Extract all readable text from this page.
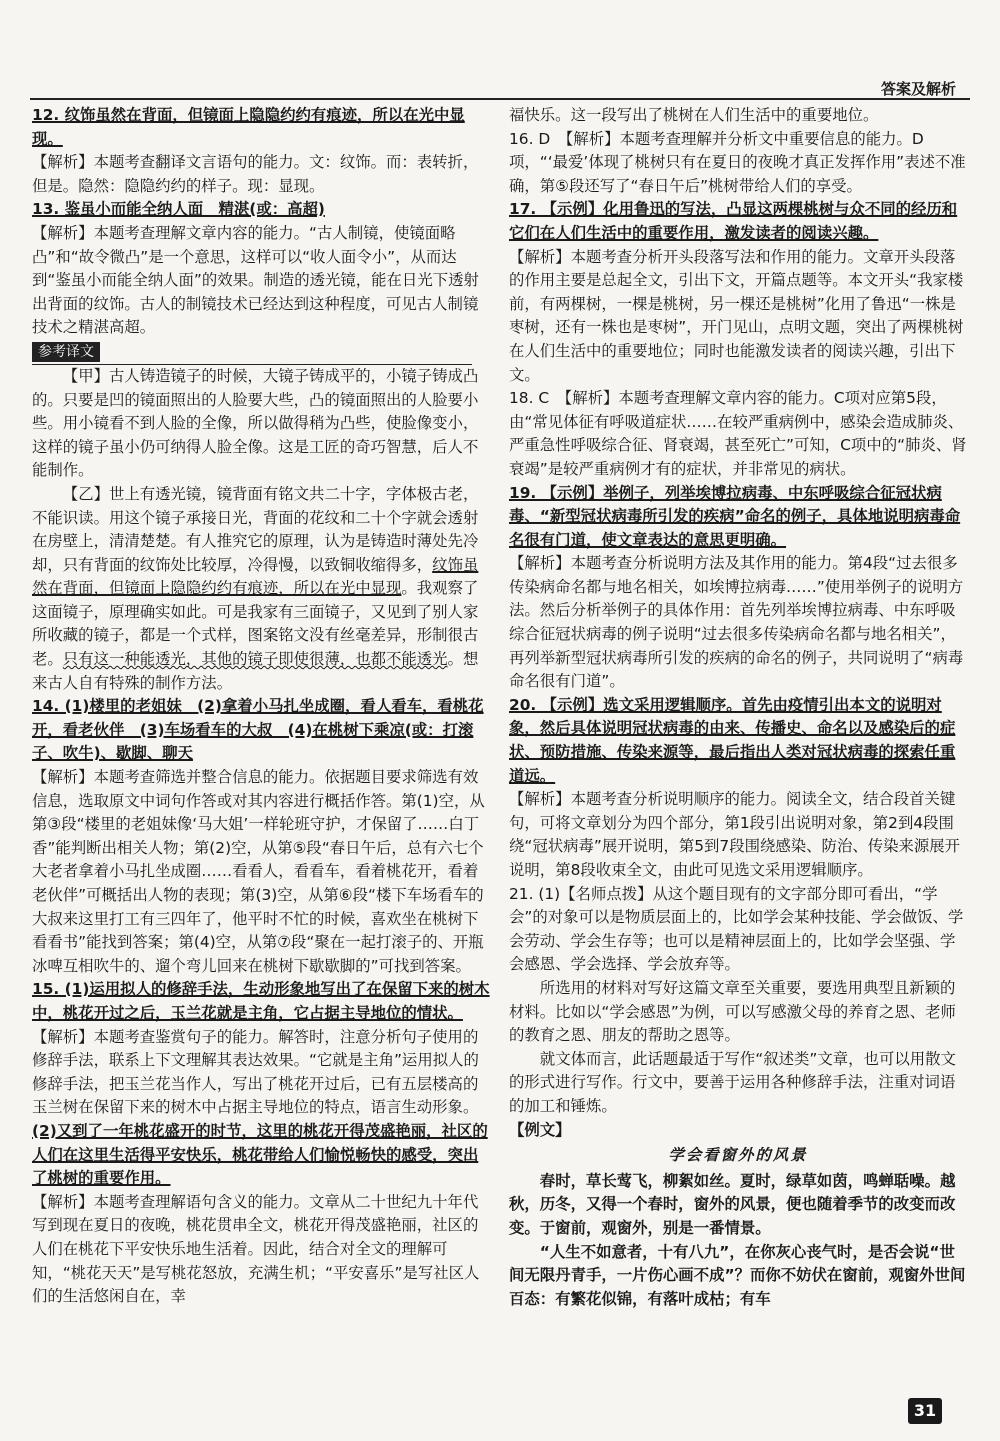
答案及解析

12. 纹饰虽然在背面，但镜面上隐隐约约有痕迹，所以在光中显现。

【解析】本题考查翻译文言语句的能力。文：纹饰。而：表转折，但是。隐然：隐隐约约的样子。现：显现。

13. 鉴虽小而能全纳人面　精湛(或：高超)

【解析】本题考查理解文章内容的能力。“古人制镜，使镜面略凸”和“故令微凸”是一个意思，这样可以“收人面令小”，从而达到“鉴虽小而能全纳人面”的效果。制造的透光镜，能在日光下透射出背面的纹饰。古人的制镜技术已经达到这种程度，可见古人制镜技术之精湛高超。

参考译文

【甲】古人铸造镜子的时候，大镜子铸成平的，小镜子铸成凸的。只要是凹的镜面照出的人脸要大些，凸的镜面照出的人脸要小些。用小镜看不到人脸的全像，所以做得稍为凸些，使脸像变小，这样的镜子虽小仍可纳得人脸全像。这是工匠的奇巧智慧，后人不能制作。

【乙】世上有透光镜，镜背面有铭文共二十字，字体极古老，不能识读。用这个镜子承接日光，背面的花纹和二十个字就会透射在房壁上，清清楚楚。有人推究它的原理，认为是铸造时薄处先冷却，只有背面的纹饰处比较厚，冷得慢，以致铜收缩得多，纹饰虽然在背面，但镜面上隐隐约约有痕迹，所以在光中显现。我观察了这面镜子，原理确实如此。可是我家有三面镜子，又见到了别人家所收藏的镜子，都是一个式样，图案铭文没有丝毫差异，形制很古老。只有这一种能透光，其他的镜子即使很薄，也都不能透光。想来古人自有特殊的制作方法。

14. (1)楼里的老姐妹　(2)拿着小马扎坐成圈，看人看车，看桃花开，看老伙伴　(3)车场看车的大叔　(4)在桃树下乘凉(或：打滚子、吹牛)、歇脚、聊天

【解析】本题考查筛选并整合信息的能力。依据题目要求筛选有效信息，选取原文中词句作答或对其内容进行概括作答。第(1)空，从第③段“楼里的老姐妹像‘马大姐’一样轮班守护，才保留了……白丁香”能判断出相关人物；第(2)空，从第⑤段“春日午后，总有六七个大老者拿着小马扎坐成圈……看看人，看看车，看着桃花开，看着老伙伴”可概括出人物的表现；第(3)空，从第⑥段“楼下车场看车的大叔来这里打工有三四年了，他平时不忙的时候，喜欢坐在桃树下看看书”能找到答案；第(4)空，从第⑦段“聚在一起打滚子的、开瓶冰啤互相吹牛的、遛个弯儿回来在桃树下歇歇脚的”可找到答案。

15. (1)运用拟人的修辞手法，生动形象地写出了在保留下来的树木中，桃花开过之后，玉兰花就是主角，它占据主导地位的情状。

【解析】本题考查鉴赏句子的能力。解答时，注意分析句子使用的修辞手法，联系上下文理解其表达效果。“它就是主角”运用拟人的修辞手法，把玉兰花当作人，写出了桃花开过后，已有五层楼高的玉兰树在保留下来的树木中占据主导地位的特点，语言生动形象。

(2)又到了一年桃花盛开的时节，这里的桃花开得茂盛艳丽，社区的人们在这里生活得平安快乐，桃花带给人们愉悦畅快的感受，突出了桃树的重要作用。

【解析】本题考查理解语句含义的能力。文章从二十世纪九十年代写到现在夏日的夜晚，桃花贯串全文，桃花开得茂盛艳丽，社区的人们在桃花下平安快乐地生活着。因此，结合对全文的理解可知，“桃花天天”是写桃花怒放，充满生机；“平安喜乐”是写社区人们的生活悠闲自在，幸

福快乐。这一段写出了桃树在人们生活中的重要地位。

16. D　【解析】本题考查理解并分析文中重要信息的能力。D项，“‘最爱’体现了桃树只有在夏日的夜晚才真正发挥作用”表述不准确，第⑤段还写了“春日午后”桃树带给人们的享受。

17. 【示例】化用鲁迅的写法，凸显这两棵桃树与众不同的经历和它们在人们生活中的重要作用，激发读者的阅读兴趣。

【解析】本题考查分析开头段落写法和作用的能力。文章开头段落的作用主要是总起全文，引出下文，开篇点题等。本文开头“我家楼前，有两棵树，一棵是桃树，另一棵还是桃树”化用了鲁迅“一株是枣树，还有一株也是枣树”，开门见山，点明文题，突出了两棵桃树在人们生活中的重要地位；同时也能激发读者的阅读兴趣，引出下文。

18. C　【解析】本题考查理解文章内容的能力。C项对应第5段，由“常见体征有呼吸道症状……在较严重病例中，感染会造成肺炎、严重急性呼吸综合征、肾衰竭，甚至死亡”可知，C项中的“肺炎、肾衰竭”是较严重病例才有的症状，并非常见的病状。

19. 【示例】举例子，列举埃博拉病毒、中东呼吸综合征冠状病毒、“新型冠状病毒所引发的疾病”命名的例子，具体地说明病毒命名很有门道，使文章表达的意思更明确。

【解析】本题考查分析说明方法及其作用的能力。第4段“过去很多传染病命名都与地名相关，如埃博拉病毒……”使用举例子的说明方法。然后分析举例子的具体作用：首先列举埃博拉病毒、中东呼吸综合征冠状病毒的例子说明“过去很多传染病命名都与地名相关”，再列举新型冠状病毒所引发的疾病的命名的例子，共同说明了“病毒命名很有门道”。

20. 【示例】选文采用逻辑顺序。首先由疫情引出本文的说明对象，然后具体说明冠状病毒的由来、传播史、命名以及感染后的症状、预防措施、传染来源等，最后指出人类对冠状病毒的探索任重道远。

【解析】本题考查分析说明顺序的能力。阅读全文，结合段首关键句，可将文章划分为四个部分，第1段引出说明对象，第2到4段围绕“冠状病毒”展开说明，第5到7段围绕感染、防治、传染来源展开说明，第8段收束全文，由此可见选文采用逻辑顺序。

21. (1)【名师点拨】从这个题目现有的文字部分即可看出，“学会”的对象可以是物质层面上的，比如学会某种技能、学会做饭、学会劳动、学会生存等；也可以是精神层面上的，比如学会坚强、学会感恩、学会选择、学会放弃等。

所选用的材料对写好这篇文章至关重要，要选用典型且新颖的材料。比如以“学会感恩”为例，可以写感激父母的养育之恩、老师的教育之恩、朋友的帮助之恩等。

就文体而言，此话题最适于写作“叙述类”文章，也可以用散文的形式进行写作。行文中，要善于运用各种修辞手法，注重对词语的加工和锤炼。

【例文】

学会看窗外的风景

春时，草长莺飞，柳絮如丝。夏时，绿草如茵，鸣蝉聒噪。越秋，历冬，又得一个春时，窗外的风景，便也随着季节的改变而改变。于窗前，观窗外，别是一番情景。

“人生不如意者，十有八九”，在你灰心丧气时，是否会说“世间无限丹青手，一片伤心画不成”？而你不妨伏在窗前，观窗外世间百态：有繁花似锦，有落叶成枯；有车

31
